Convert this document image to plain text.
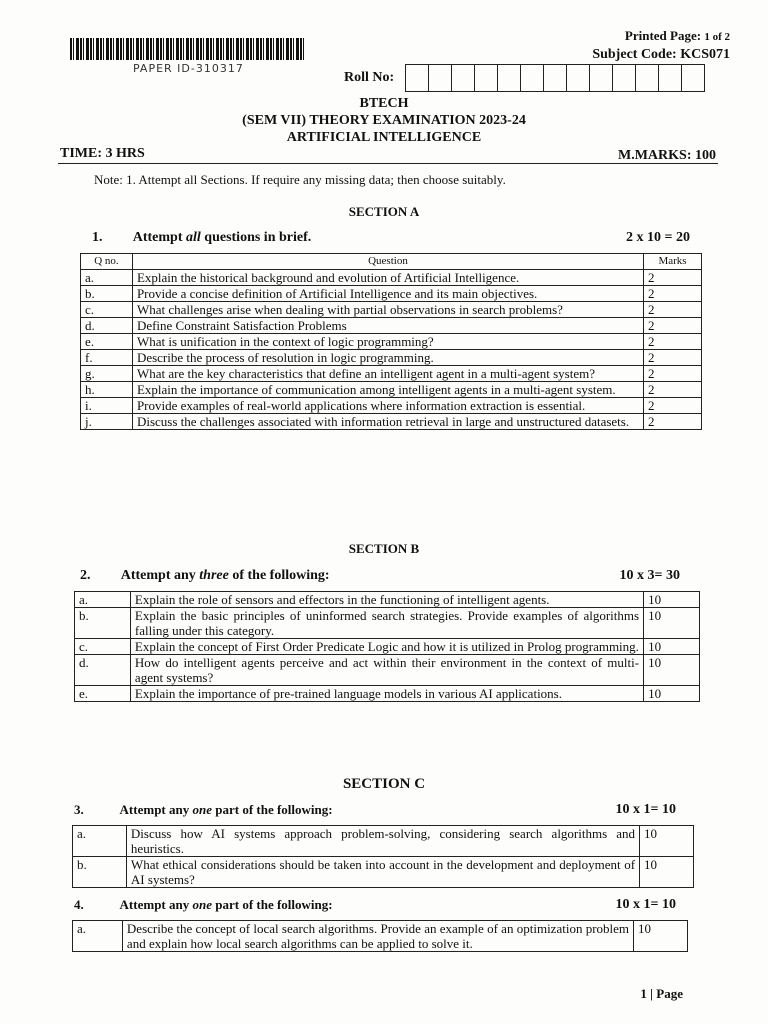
PAPER ID-310317
Printed Page: 1 of 2
Subject Code: KCS071
Roll No:
BTECH
(SEM VII) THEORY EXAMINATION 2023-24
ARTIFICIAL INTELLIGENCE
TIME: 3 HRS	M.MARKS: 100
Note: 1. Attempt all Sections. If require any missing data; then choose suitably.
SECTION A
1. Attempt all questions in brief.	2 x 10 = 20
Q no.	Question	Marks
a.	Explain the historical background and evolution of Artificial Intelligence.	2
b.	Provide a concise definition of Artificial Intelligence and its main objectives.	2
c.	What challenges arise when dealing with partial observations in search problems?	2
d.	Define Constraint Satisfaction Problems	2
e.	What is unification in the context of logic programming?	2
f.	Describe the process of resolution in logic programming.	2
g.	What are the key characteristics that define an intelligent agent in a multi-agent system?	2
h.	Explain the importance of communication among intelligent agents in a multi-agent system.	2
i.	Provide examples of real-world applications where information extraction is essential.	2
j.	Discuss the challenges associated with information retrieval in large and unstructured datasets.	2
SECTION B
2. Attempt any three of the following:	10 x 3= 30
a.	Explain the role of sensors and effectors in the functioning of intelligent agents.	10
b.	Explain the basic principles of uninformed search strategies. Provide examples of algorithms falling under this category.	10
c.	Explain the concept of First Order Predicate Logic and how it is utilized in Prolog programming.	10
d.	How do intelligent agents perceive and act within their environment in the context of multi-agent systems?	10
e.	Explain the importance of pre-trained language models in various AI applications.	10
SECTION C
3.	Attempt any one part of the following:	10 x 1= 10
a.	Discuss how AI systems approach problem-solving, considering search algorithms and heuristics.	10
b.	What ethical considerations should be taken into account in the development and deployment of AI systems?	10
4.	Attempt any one part of the following:	10 x 1= 10
a.	Describe the concept of local search algorithms. Provide an example of an optimization problem and explain how local search algorithms can be applied to solve it.	10
1 | Page
